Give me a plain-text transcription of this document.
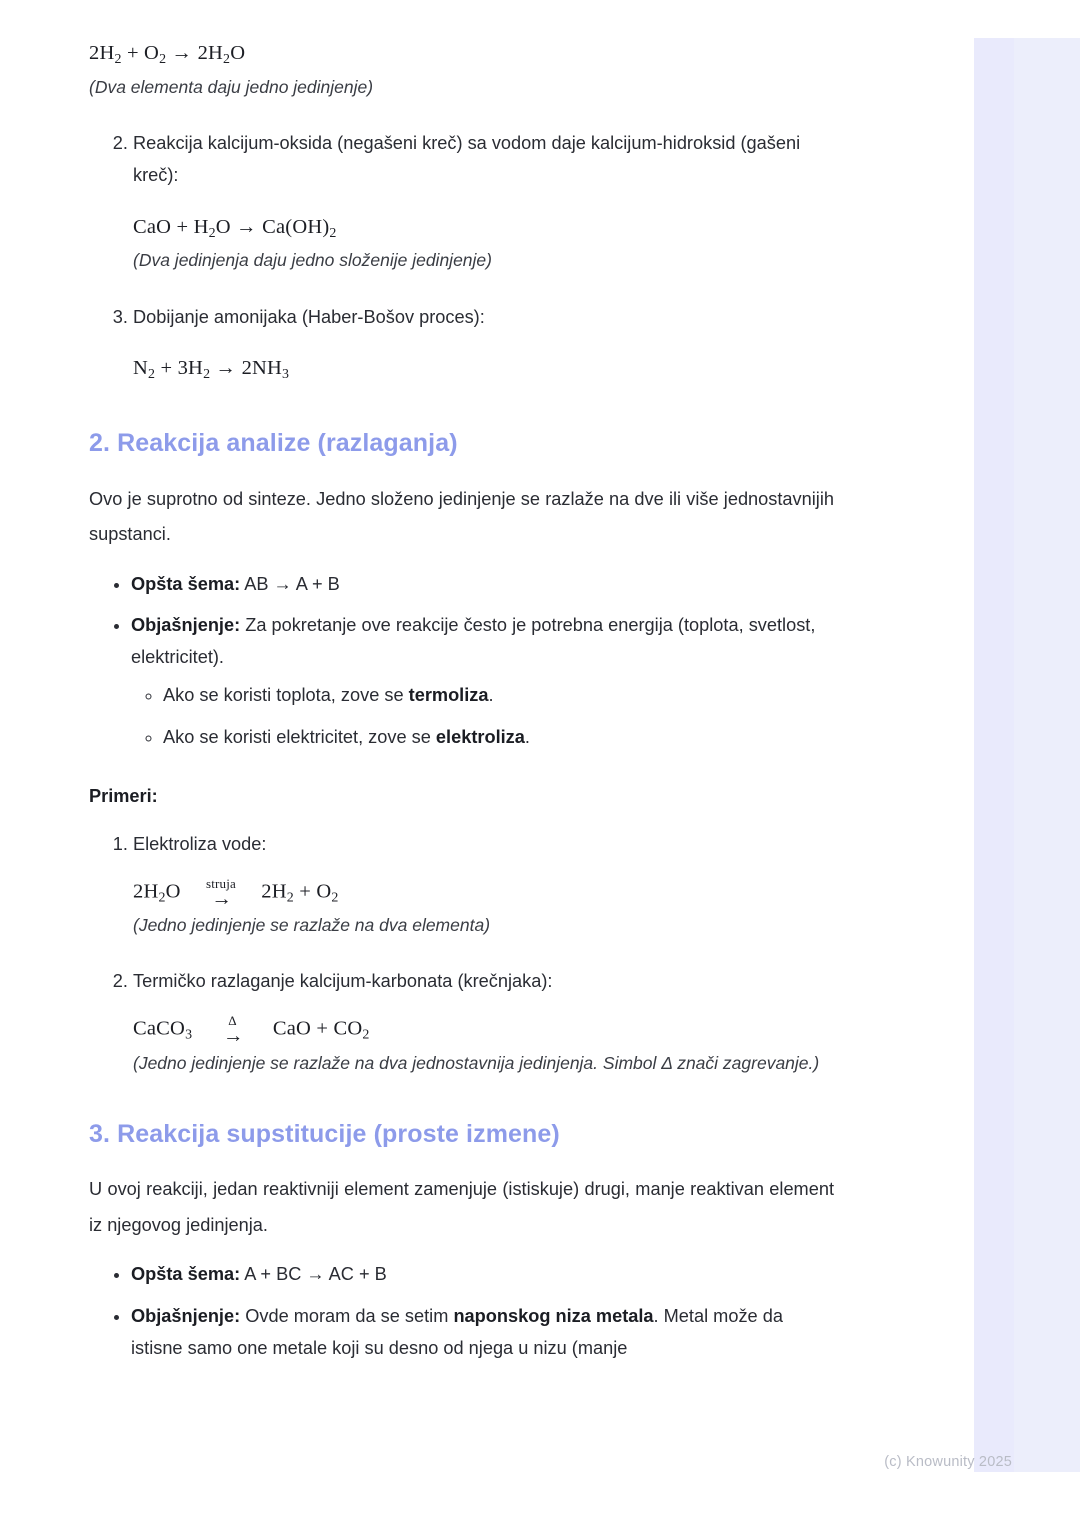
$2H_2 + O_2 \to 2H_2O$

(Dva elementa daju jedno jedinjenje)

2. Reakcija kalcijum-oksida (negašeni kreč) sa vodom daje kalcijum-hidroksid (gašeni kreč):

CaO + $H_2O \to Ca(OH)_2$

(Dva jedinjenja daju jedno složenije jedinjenje)

3. Dobijanje amonijaka (Haber-Bošov proces):

$N_2 + 3H_2 \to 2NH_3$

2. Reakcija analize (razlaganja)

Ovo je suprotno od sinteze. Jedno složeno jedinjenje se razlaže na dve ili više jednostavnijih supstanci.

• Opšta šema: AB → A + B
• Objašnjenje: Za pokretanje ove reakcije često je potrebna energija (toplota, svetlost, elektricitet).
◦ Ako se koristi toplota, zove se termoliza.
◦ Ako se koristi elektricitet, zove se elektroliza.

Primeri:

1. Elektroliza vode:

$2H_2O$	struja
→	$2H_2 + O_2$

(Jedno jedinjenje se razlaže na dva elementa)

2. Termičko razlaganje kalcijum-karbonata (krečnjaka):

CaCO$_3$
Δ
→	CaO + $CO_2$

(Jedno jedinjenje se razlaže na dva jednostavnija jedinjenja. Simbol Δ znači zagrevanje.)

3. Reakcija supstitucije (proste izmene)

U ovoj reakciji, jedan reaktivniji element zamenjuje (istiskuje) drugi, manje reaktivan element iz njegovog jedinjenja.

• Opšta šema: A + BC → AC + B
• Objašnjenje: Ovde moram da se setim naponskog niza metala. Metal može da istisne samo one metale koji su desno od njega u nizu (manje
(c) Knowunity 2025
